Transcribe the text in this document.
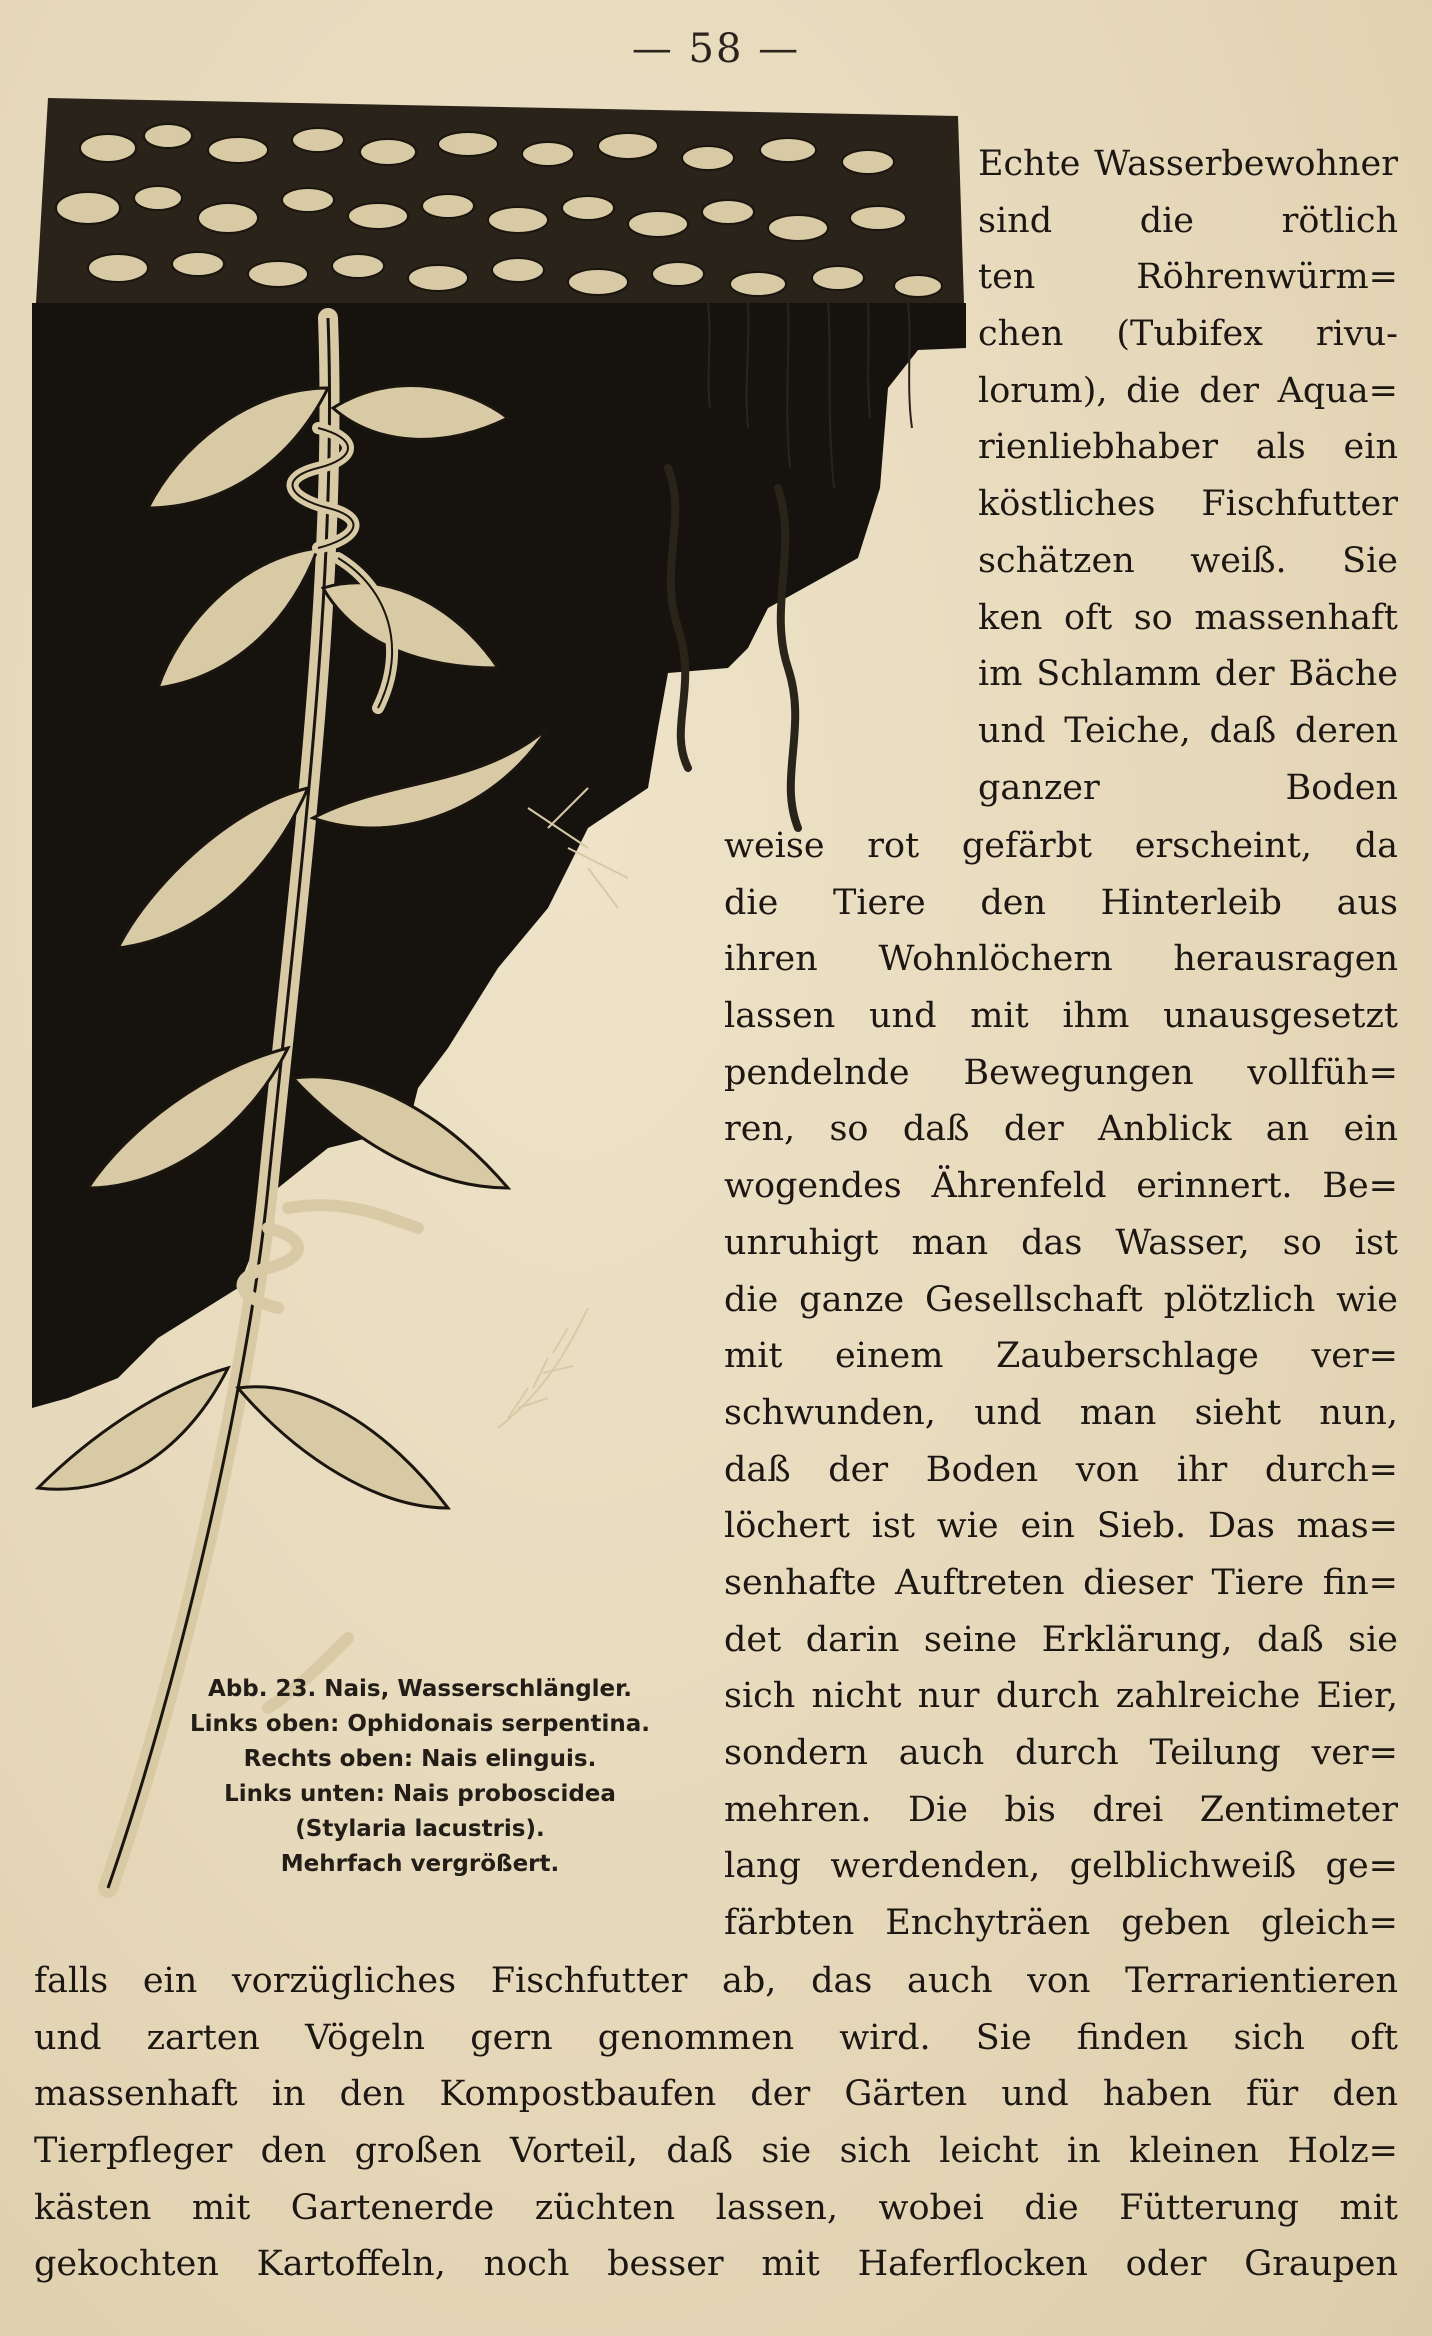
— 58 —
Abb. 23. Nais, Wasserschlängler.
Links oben: Ophidonais serpentina.
Rechts oben: Nais elinguis.
Links unten: Nais proboscidea
(Stylaria lacustris).
Mehrfach vergrößert.
Echte Wasserbewohner
sind die rötlich
ten Röhrenwürm=
chen (Tubifex rivu-
lorum), die der Aqua=
rienliebhaber als ein
köstliches Fischfutter
schätzen weiß. Sie
ken oft so massenhaft
im Schlamm der Bäche
und Teiche, daß deren
ganzer Boden
weise rot gefärbt erscheint, da
die Tiere den Hinterleib aus
ihren Wohnlöchern herausragen
lassen und mit ihm unausgesetzt
pendelnde Bewegungen vollfüh=
ren, so daß der Anblick an ein
wogendes Ährenfeld erinnert. Be=
unruhigt man das Wasser, so ist
die ganze Gesellschaft plötzlich wie
mit einem Zauberschlage ver=
schwunden, und man sieht nun,
daß der Boden von ihr durch=
löchert ist wie ein Sieb. Das mas=
senhafte Auftreten dieser Tiere fin=
det darin seine Erklärung, daß sie
sich nicht nur durch zahlreiche Eier,
sondern auch durch Teilung ver=
mehren. Die bis drei Zentimeter
lang werdenden, gelblichweiß ge=
färbten Enchyträen geben gleich=
falls ein vorzügliches Fischfutter ab, das auch von Terrarientieren
und zarten Vögeln gern genommen wird. Sie finden sich oft
massenhaft in den Kompostbaufen der Gärten und haben für den
Tierpfleger den großen Vorteil, daß sie sich leicht in kleinen Holz=
kästen mit Gartenerde züchten lassen, wobei die Fütterung mit
gekochten Kartoffeln, noch besser mit Haferflocken oder Graupen
